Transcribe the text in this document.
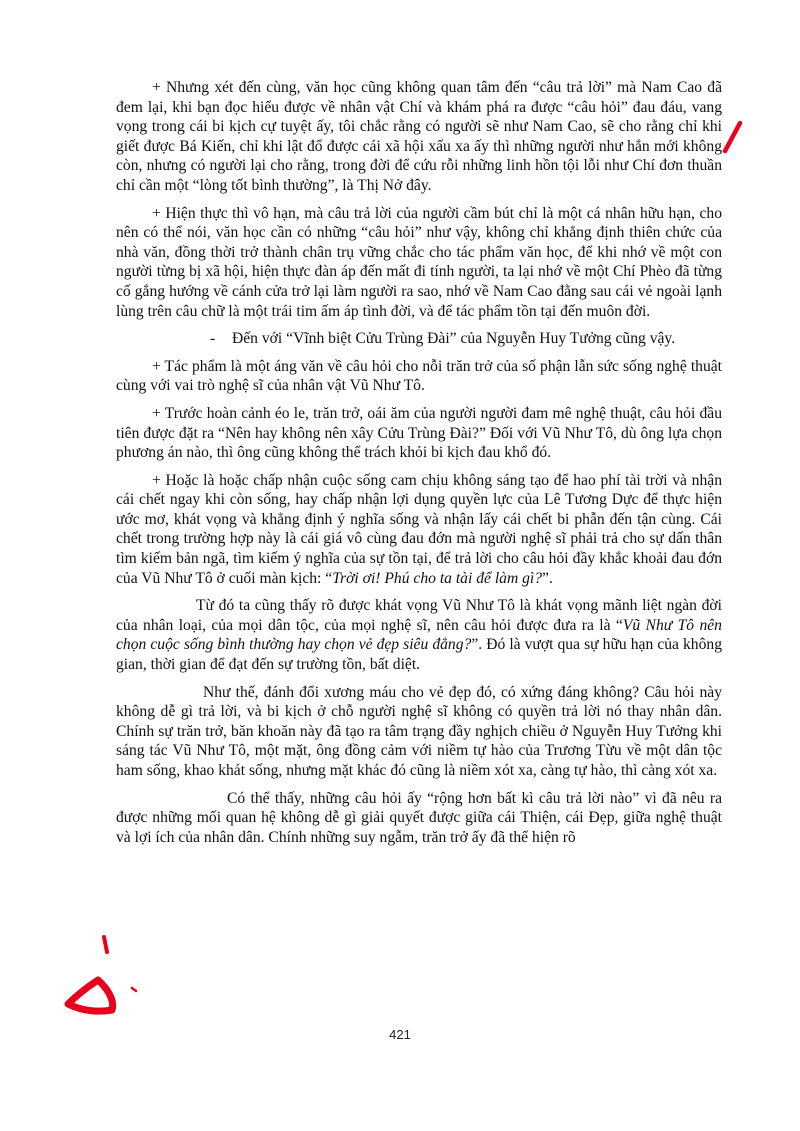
+ Nhưng xét đến cùng, văn học cũng không quan tâm đến “câu trả lời” mà Nam Cao đã đem lại, khi bạn đọc hiểu được về nhân vật Chí và khám phá ra được “câu hỏi” đau đáu, vang vọng trong cái bi kịch cự tuyệt ấy, tôi chắc rằng có người sẽ như Nam Cao, sẽ cho rằng chỉ khi giết được Bá Kiến, chỉ khi lật đổ được cái xã hội xấu xa ấy thì những người như hắn mới không còn, nhưng có người lại cho rằng, trong đời để cứu rỗi những linh hồn tội lỗi như Chí đơn thuần chỉ cần một “lòng tốt bình thường”, là Thị Nở đây.

+ Hiện thực thì vô hạn, mà câu trả lời của người cầm bút chỉ là một cá nhân hữu hạn, cho nên có thể nói, văn học cần có những “câu hỏi” như vậy, không chỉ khẳng định thiên chức của nhà văn, đồng thời trở thành chân trụ vững chắc cho tác phẩm văn học, để khi nhớ về một con người từng bị xã hội, hiện thực đàn áp đến mất đi tính người, ta lại nhớ về một Chí Phèo đã từng cố gắng hướng về cánh cửa trở lại làm người ra sao, nhớ về Nam Cao đằng sau cái vẻ ngoài lạnh lùng trên câu chữ là một trái tim ấm áp tình đời, và để tác phẩm tồn tại đến muôn đời.

- Đến với “Vĩnh biệt Cửu Trùng Đài” của Nguyễn Huy Tưởng cũng vậy.

+ Tác phẩm là một áng văn về câu hỏi cho nỗi trăn trở của số phận lẫn sức sống nghệ thuật cùng với vai trò nghệ sĩ của nhân vật Vũ Như Tô.

+ Trước hoàn cảnh éo le, trăn trở, oái ăm của người người đam mê nghệ thuật, câu hỏi đầu tiên được đặt ra “Nên hay không nên xây Cửu Trùng Đài?” Đối với Vũ Như Tô, dù ông lựa chọn phương án nào, thì ông cũng không thể trách khỏi bi kịch đau khổ đó.

+ Hoặc là hoặc chấp nhận cuộc sống cam chịu không sáng tạo để hao phí tài trời và nhận cái chết ngay khi còn sống, hay chấp nhận lợi dụng quyền lực của Lê Tương Dực để thực hiện ước mơ, khát vọng và khẳng định ý nghĩa sống và nhận lấy cái chết bi phẫn đến tận cùng. Cái chết trong trường hợp này là cái giá vô cùng đau đớn mà người nghệ sĩ phải trả cho sự dấn thân tìm kiếm bản ngã, tìm kiếm ý nghĩa của sự tồn tại, để trả lời cho câu hỏi đầy khắc khoải đau đớn của Vũ Như Tô ở cuối màn kịch: “Trời ơi! Phú cho ta tài để làm gì?”.

Từ đó ta cũng thấy rõ được khát vọng Vũ Như Tô là khát vọng mãnh liệt ngàn đời của nhân loại, của mọi dân tộc, của mọi nghệ sĩ, nên câu hỏi được đưa ra là “Vũ Như Tô nên chọn cuộc sống bình thường hay chọn vẻ đẹp siêu đẳng?”. Đó là vượt qua sự hữu hạn của không gian, thời gian để đạt đến sự trường tồn, bất diệt.

Như thế, đánh đổi xương máu cho vẻ đẹp đó, có xứng đáng không? Câu hỏi này không dễ gì trả lời, và bi kịch ở chỗ người nghệ sĩ không có quyền trả lời nó thay nhân dân. Chính sự trăn trở, băn khoăn này đã tạo ra tâm trạng đầy nghịch chiều ở Nguyễn Huy Tưởng khi sáng tác Vũ Như Tô, một mặt, ông đồng cảm với niềm tự hào của Trương Từu về một dân tộc ham sống, khao khát sống, nhưng mặt khác đó cũng là niềm xót xa, càng tự hào, thì càng xót xa.

Có thể thấy, những câu hỏi ấy “rộng hơn bất kì câu trả lời nào” vì đã nêu ra được những mối quan hệ không dễ gì giải quyết được giữa cái Thiện, cái Đẹp, giữa nghệ thuật và lợi ích của nhân dân. Chính những suy ngẫm, trăn trở ấy đã thể hiện rõ

421
